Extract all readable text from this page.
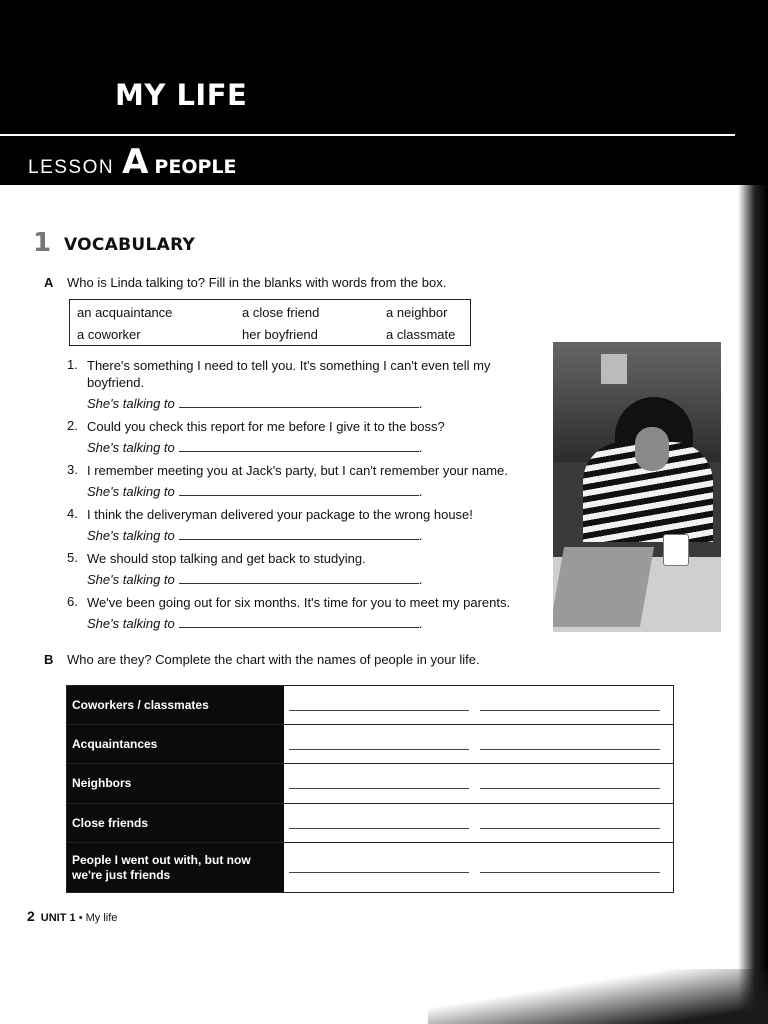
MY LIFE
LESSON A PEOPLE
1 VOCABULARY
A Who is Linda talking to? Fill in the blanks with words from the box.
an acquaintance	a close friend	a neighbor
a coworker	her boyfriend	a classmate
1. There's something I need to tell you. It's something I can't even tell my boyfriend.
She's talking to	.
2. Could you check this report for me before I give it to the boss?
She's talking to	.
3. I remember meeting you at Jack's party, but I can't remember your name.
She's talking to	.
4. I think the deliveryman delivered your package to the wrong house!
She's talking to	.
5. We should stop talking and get back to studying.
She's talking to	.
6. We've been going out for six months. It's time for you to meet my parents.
She's talking to	.
B Who are they? Complete the chart with the names of people in your life.
Coworkers / classmates
Acquaintances
Neighbors
Close friends
People I went out with, but now we're just friends
2 UNIT 1 • My life
